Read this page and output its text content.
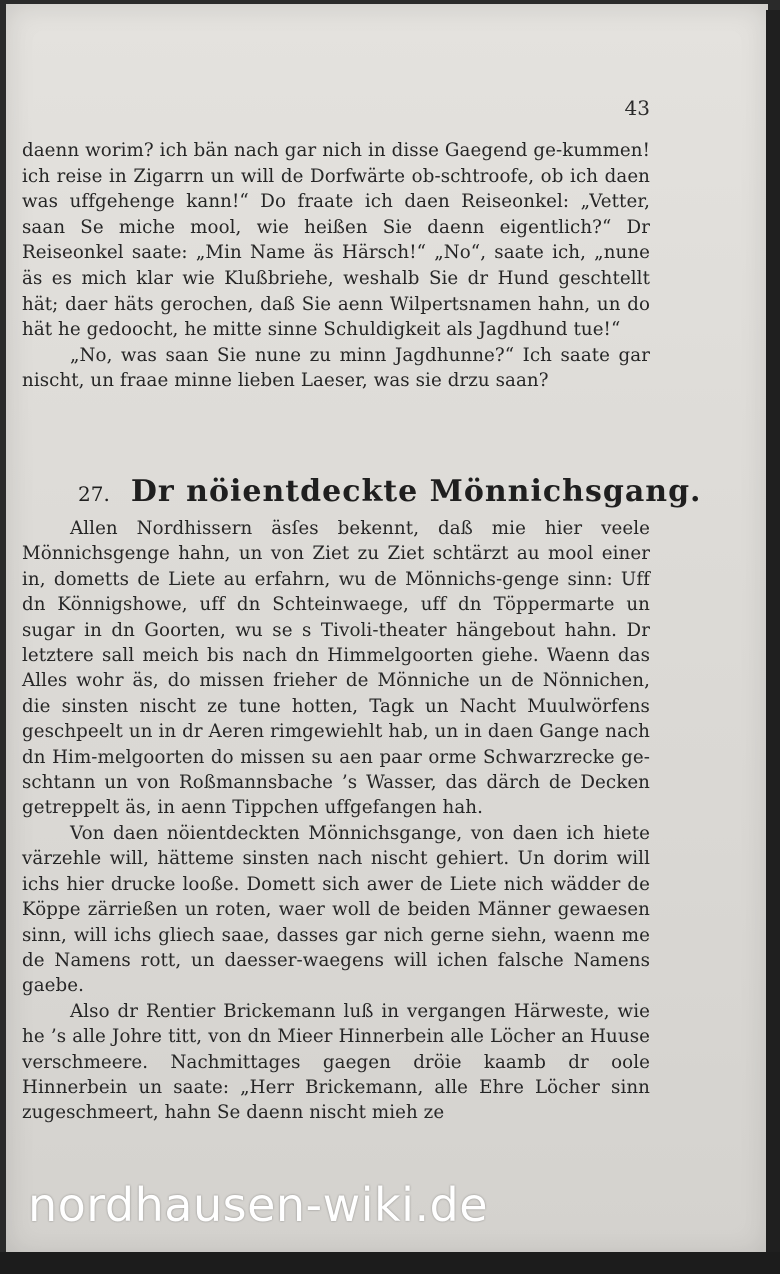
43

daenn worim? ich bän nach gar nich in disse Gaegend ge-kummen! ich reise in Zigarrn un will de Dorfwärte ob-schtroofe, ob ich daen was uffgehenge kann!“ Do fraate ich daen Reiseonkel: „Vetter, saan Se miche mool, wie heißen Sie daenn eigentlich?“ Dr Reiseonkel saate: „Min Name äs Härsch!“ „No“, saate ich, „nune äs es mich klar wie Klußbriehe, weshalb Sie dr Hund geschtellt hät; daer häts gerochen, daß Sie aenn Wilpertsnamen hahn, un do hät he gedoocht, he mitte sinne Schuldigkeit als Jagdhund tue!“

„No, was saan Sie nune zu minn Jagdhunne?“ Ich saate gar nischt, un fraae minne lieben Laeser, was sie drzu saan?

27. Dr nöientdeckte Mönnichsgang.

Allen Nordhissern äsſes bekennt, daß mie hier veele Mönnichsgenge hahn, un von Ziet zu Ziet schtärzt au mool einer in, dometts de Liete au erfahrn, wu de Mönnichs-genge sinn: Uff dn Könnigshowe, uff dn Schteinwaege, uff dn Töppermarte un sugar in dn Goorten, wu se s Tivoli-theater hängebout hahn. Dr letztere sall meich bis nach dn Himmelgoorten giehe. Waenn das Alles wohr äs, do missen frieher de Mönniche un de Nönnichen, die sinsten nischt ze tune hotten, Tagk un Nacht Muulwörfens geschpeelt un in dr Aeren rimgewiehlt hab, un in daen Gange nach dn Him-melgoorten do missen su aen paar orme Schwarzrecke ge-schtann un von Roßmannsbache ’s Wasser, das därch de Decken getreppelt äs, in aenn Tippchen uffgefangen hah.

Von daen nöientdeckten Mönnichsgange, von daen ich hiete värzehle will, hätteme sinsten nach nischt gehiert. Un dorim will ichs hier drucke looße. Domett sich awer de Liete nich wädder de Köppe zärrießen un roten, waer woll de beiden Männer gewaesen sinn, will ichs gliech saae, dasses gar nich gerne siehn, waenn me de Namens rott, un daesser-waegens will ichen falsche Namens gaebe.

Also dr Rentier Brickemann luß in vergangen Härweste, wie he ’s alle Johre titt, von dn Mieer Hinnerbein alle Löcher an Huuse verschmeere. Nachmittages gaegen dröie kaamb dr oole Hinnerbein un saate: „Herr Brickemann, alle Ehre Löcher sinn zugeschmeert, hahn Se daenn nischt mieh ze

nordhausen-wiki.de
